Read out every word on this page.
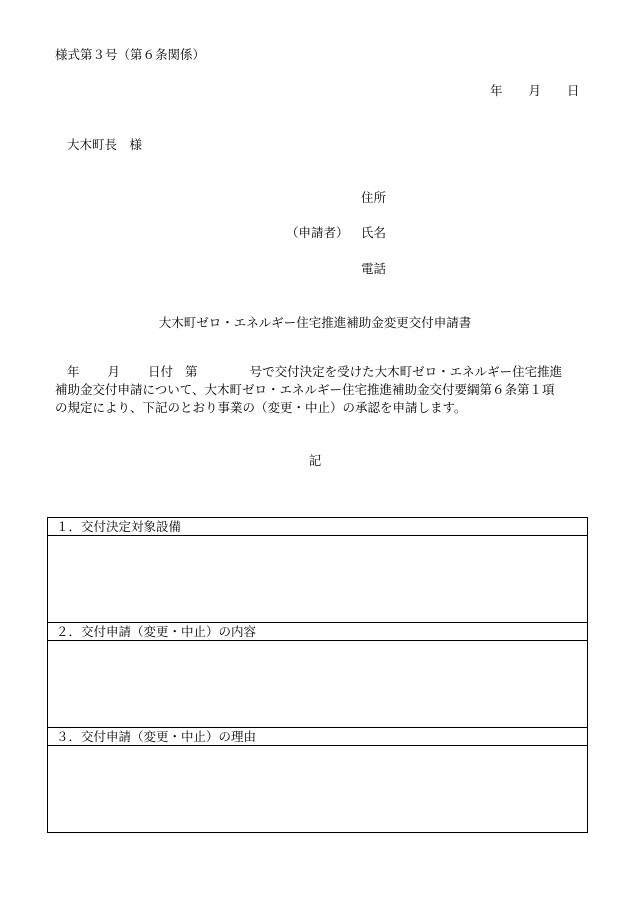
様式第３号（第６条関係）
年 月 日
大木町長　様
住所
（申請者） 氏名
電話
大木町ゼロ・エネルギー住宅推進補助金変更交付申請書
年 月 日付 第	号で交付決定を受けた大木町ゼロ・エネルギー住宅推進
補助金交付申請について、大木町ゼロ・エネルギー住宅推進補助金交付要綱第６条第１項
の規定により、下記のとおり事業の（変更・中止）の承認を申請します。
記
１．交付決定対象設備
２．交付申請（変更・中止）の内容
３．交付申請（変更・中止）の理由
